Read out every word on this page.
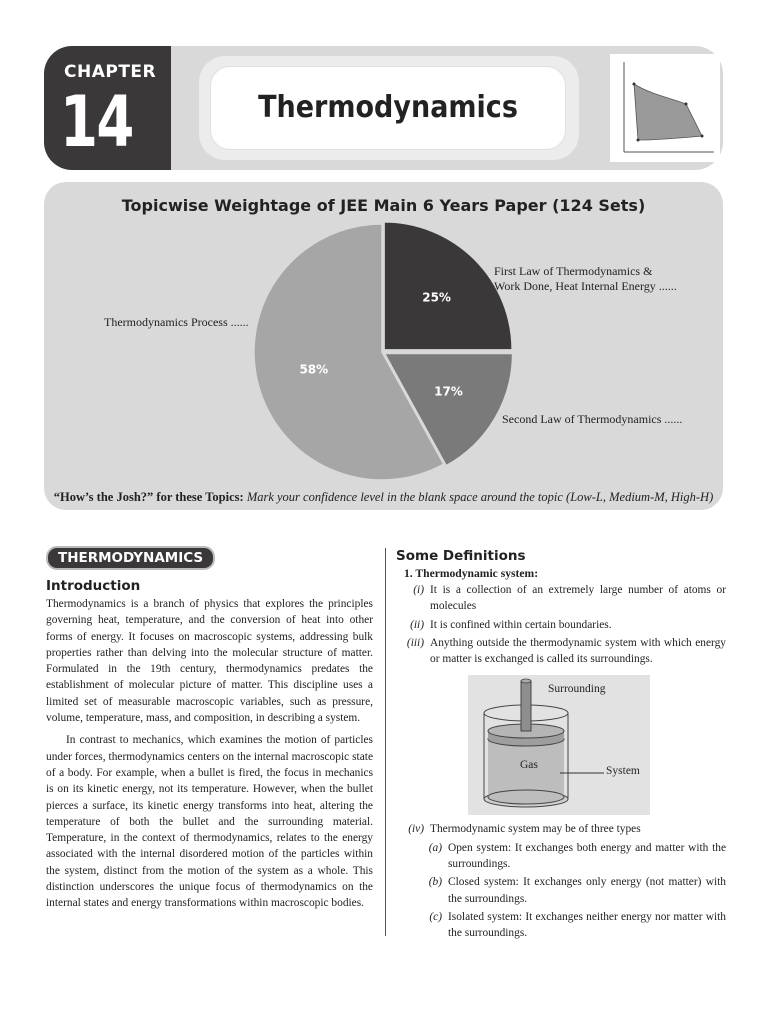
CHAPTER
14	Thermodynamics
Topicwise Weightage of JEE Main 6 Years Paper (124 Sets)
25%
17%
58%
First Law of Thermodynamics &
Work Done, Heat Internal Energy ......
Second Law of Thermodynamics ......
Thermodynamics Process ......
“How’s the Josh?” for these Topics: Mark your confidence level in the blank space around the topic (Low-L, Medium-M, High-H)
THERMODYNAMICS
Introduction

Thermodynamics is a branch of physics that explores the principles governing heat, temperature, and the conversion of heat into other forms of energy. It focuses on macroscopic systems, addressing bulk properties rather than delving into the molecular structure of matter. Formulated in the 19th century, thermodynamics predates the establishment of molecular picture of matter. This discipline uses a limited set of measurable macroscopic variables, such as pressure, volume, temperature, mass, and composition, in describing a system.

In contrast to mechanics, which examines the motion of particles under forces, thermodynamics centers on the internal macroscopic state of a body. For example, when a bullet is fired, the focus in mechanics is on its kinetic energy, not its temperature. However, when the bullet pierces a surface, its kinetic energy transforms into heat, altering the temperature of both the bullet and the surrounding material. Temperature, in the context of thermodynamics, relates to the energy associated with the internal disordered motion of the particles within the system, distinct from the motion of the system as a whole. This distinction underscores the unique focus of thermodynamics on the internal states and energy transformations within macroscopic bodies.

Some Definitions
1. Thermodynamic system:
(i) It is a collection of an extremely large number of atoms or molecules
(ii) It is confined within certain boundaries.
(iii) Anything outside the thermodynamic system with which energy or matter is exchanged is called its surroundings.
Surrounding
Gas	System
(iv) Thermodynamic system may be of three types
(a) Open system: It exchanges both energy and matter with the surroundings.
(b) Closed system: It exchanges only energy (not matter) with the surroundings.
(c) Isolated system: It exchanges neither energy nor matter with the surroundings.
